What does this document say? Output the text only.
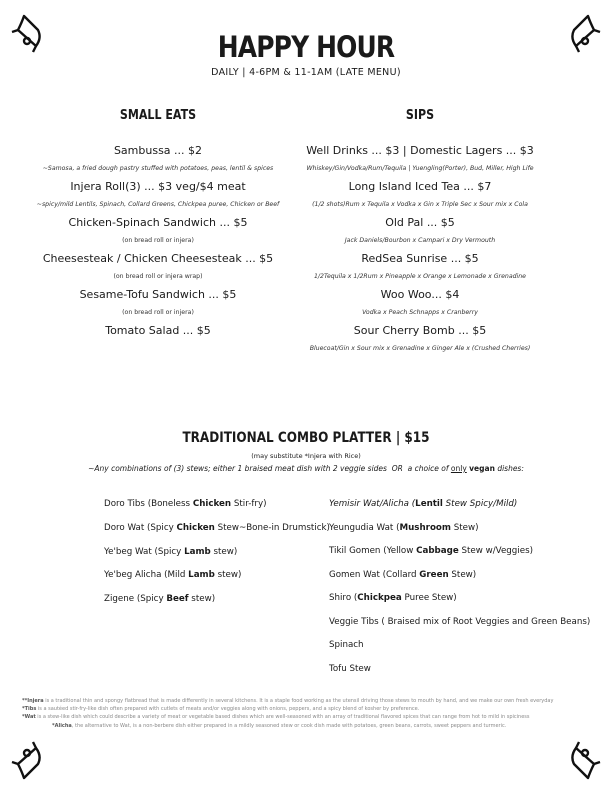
HAPPY HOUR
DAILY | 4-6PM & 11-1AM (LATE MENU)
SMALL EATS
Sambussa ... $2
~Samosa, a fried dough pastry stuffed with potatoes, peas, lentil & spices
Injera Roll(3) ... $3 veg/$4 meat
~spicy/mild Lentils, Spinach, Collard Greens, Chickpea puree, Chicken or Beef
Chicken-Spinach Sandwich ... $5
(on bread roll or injera)
Cheesesteak / Chicken Cheesesteak ... $5
(on bread roll or injera wrap)
Sesame-Tofu Sandwich ... $5
(on bread roll or injera)
Tomato Salad ... $5
SIPS
Well Drinks ... $3 | Domestic Lagers ... $3
Whiskey/Gin/Vodka/Rum/Tequila | Yuengling(Porter), Bud, Miller, High Life
Long Island Iced Tea ... $7
(1/2 shots)Rum x Tequila x Vodka x Gin x Triple Sec x Sour mix x Cola
Old Pal ... $5
Jack Daniels/Bourbon x Campari x Dry Vermouth
RedSea Sunrise ... $5
1/2Tequila x 1/2Rum x Pineapple x Orange x Lemonade x Grenadine
Woo Woo... $4
Vodka x Peach Schnapps x Cranberry
Sour Cherry Bomb ... $5
Bluecoat/Gin x Sour mix x Grenadine x Ginger Ale x (Crushed Cherries)
TRADITIONAL COMBO PLATTER | $15
(may substitute *Injera with Rice)
~Any combinations of (3) stews; either 1 braised meat dish with 2 veggie sides OR a choice of only vegan dishes:
Doro Tibs (Boneless Chicken Stir-fry)
Doro Wat (Spicy Chicken Stew~Bone-in Drumstick)
Ye'beg Wat (Spicy Lamb stew)
Ye'beg Alicha (Mild Lamb stew)
Zigene (Spicy Beef stew)
Yemisir Wat/Alicha (Lentil Stew Spicy/Mild)
Yeungudia Wat (Mushroom Stew)
Tikil Gomen (Yellow Cabbage Stew w/Veggies)
Gomen Wat (Collard Green Stew)
Shiro (Chickpea Puree Stew)
Veggie Tibs ( Braised mix of Root Veggies and Green Beans)
Spinach
Tofu Stew
**Injera is a traditional thin and spongy flatbread that is made differently in several kitchens. It is a staple food working as the utensil driving those stews to mouth by hand, and we make our own fresh everyday
*Tibs is a sautéed stir-fry-like dish often prepared with cutlets of meats and/or veggies along with onions, peppers, and a spicy blend of kosher by preference.
*Wat is a stew-like dish which could describe a variety of meat or vegetable based dishes which are well-seasoned with an array of traditional flavored spices that can range from hot to mild in spiciness
*Alicha, the alternative to Wat, is a non-berbere dish either prepared in a mildly seasoned stew or cook dish made with potatoes, green beans, carrots, sweet peppers and turmeric.
